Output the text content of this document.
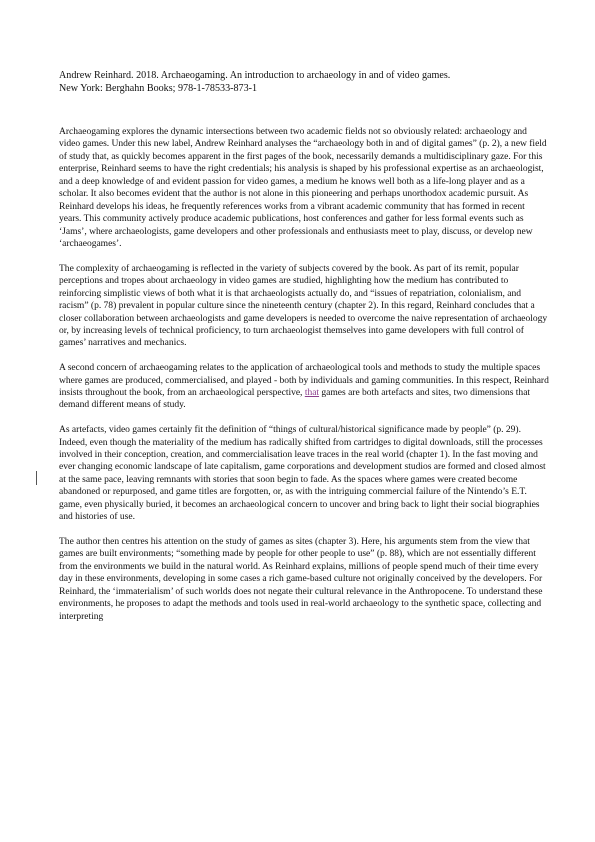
Andrew Reinhard. 2018. Archaeogaming. An introduction to archaeology in and of video games.
New York: Berghahn Books; 978-1-78533-873-1

Archaeogaming explores the dynamic intersections between two academic fields not so obviously related: archaeology and video games. Under this new label, Andrew Reinhard analyses the “archaeology both in and of digital games” (p. 2), a new field of study that, as quickly becomes apparent in the first pages of the book, necessarily demands a multidisciplinary gaze. For this enterprise, Reinhard seems to have the right credentials; his analysis is shaped by his professional expertise as an archaeologist, and a deep knowledge of and evident passion for video games, a medium he knows well both as a life-long player and as a scholar. It also becomes evident that the author is not alone in this pioneering and perhaps unorthodox academic pursuit. As Reinhard develops his ideas, he frequently references works from a vibrant academic community that has formed in recent years. This community actively produce academic publications, host conferences and gather for less formal events such as ‘Jams’, where archaeologists, game developers and other professionals and enthusiasts meet to play, discuss, or develop new ‘archaeogames’.

The complexity of archaeogaming is reflected in the variety of subjects covered by the book. As part of its remit, popular perceptions and tropes about archaeology in video games are studied, highlighting how the medium has contributed to reinforcing simplistic views of both what it is that archaeologists actually do, and “issues of repatriation, colonialism, and racism” (p. 78) prevalent in popular culture since the nineteenth century (chapter 2). In this regard, Reinhard concludes that a closer collaboration between archaeologists and game developers is needed to overcome the naive representation of archaeology or, by increasing levels of technical proficiency, to turn archaeologist themselves into game developers with full control of games’ narratives and mechanics.

A second concern of archaeogaming relates to the application of archaeological tools and methods to study the multiple spaces where games are produced, commercialised, and played - both by individuals and gaming communities. In this respect, Reinhard insists throughout the book, from an archaeological perspective, that games are both artefacts and sites, two dimensions that demand different means of study.

As artefacts, video games certainly fit the definition of “things of cultural/historical significance made by people” (p. 29). Indeed, even though the materiality of the medium has radically shifted from cartridges to digital downloads, still the processes involved in their conception, creation, and commercialisation leave traces in the real world (chapter 1). In the fast moving and ever changing economic landscape of late capitalism, game corporations and development studios are formed and closed almost at the same pace, leaving remnants with stories that soon begin to fade. As the spaces where games were created become abandoned or repurposed, and game titles are forgotten, or, as with the intriguing commercial failure of the Nintendo’s E.T. game, even physically buried, it becomes an archaeological concern to uncover and bring back to light their social biographies and histories of use.

The author then centres his attention on the study of games as sites (chapter 3). Here, his arguments stem from the view that games are built environments; “something made by people for other people to use” (p. 88), which are not essentially different from the environments we build in the natural world. As Reinhard explains, millions of people spend much of their time every day in these environments, developing in some cases a rich game-based culture not originally conceived by the developers. For Reinhard, the ‘immaterialism’ of such worlds does not negate their cultural relevance in the Anthropocene. To understand these environments, he proposes to adapt the methods and tools used in real-world archaeology to the synthetic space, collecting and interpreting
